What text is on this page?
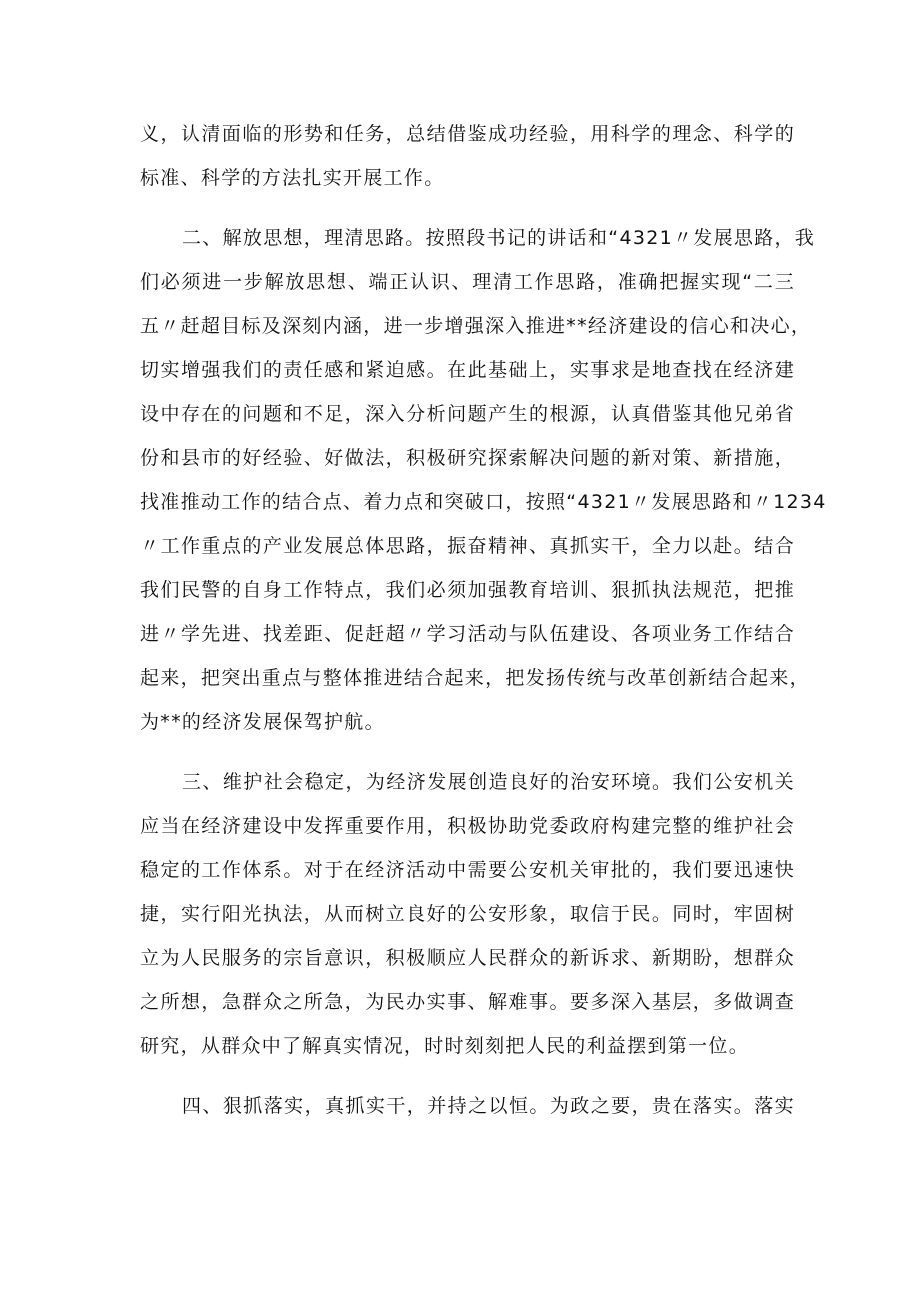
义，认清面临的形势和任务，总结借鉴成功经验，用科学的理念、科学的
标准、科学的方法扎实开展工作。
二、解放思想，理清思路。按照段书记的讲话和“4321〃发展思路，我
们必须进一步解放思想、端正认识、理清工作思路，准确把握实现“二三
五〃赶超目标及深刻内涵，进一步增强深入推进**经济建设的信心和决心，
切实增强我们的责任感和紧迫感。在此基础上，实事求是地查找在经济建
设中存在的问题和不足，深入分析问题产生的根源，认真借鉴其他兄弟省
份和县市的好经验、好做法，积极研究探索解决问题的新对策、新措施，
找准推动工作的结合点、着力点和突破口，按照“4321〃发展思路和〃1234
〃工作重点的产业发展总体思路，振奋精神、真抓实干，全力以赴。结合
我们民警的自身工作特点，我们必须加强教育培训、狠抓执法规范，把推
进〃学先进、找差距、促赶超〃学习活动与队伍建设、各项业务工作结合
起来，把突出重点与整体推进结合起来，把发扬传统与改革创新结合起来，
为**的经济发展保驾护航。
三、维护社会稳定，为经济发展创造良好的治安环境。我们公安机关
应当在经济建设中发挥重要作用，积极协助党委政府构建完整的维护社会
稳定的工作体系。对于在经济活动中需要公安机关审批的，我们要迅速快
捷，实行阳光执法，从而树立良好的公安形象，取信于民。同时，牢固树
立为人民服务的宗旨意识，积极顺应人民群众的新诉求、新期盼，想群众
之所想，急群众之所急，为民办实事、解难事。要多深入基层，多做调查
研究，从群众中了解真实情况，时时刻刻把人民的利益摆到第一位。
四、狠抓落实，真抓实干，并持之以恒。为政之要，贵在落实。落实
